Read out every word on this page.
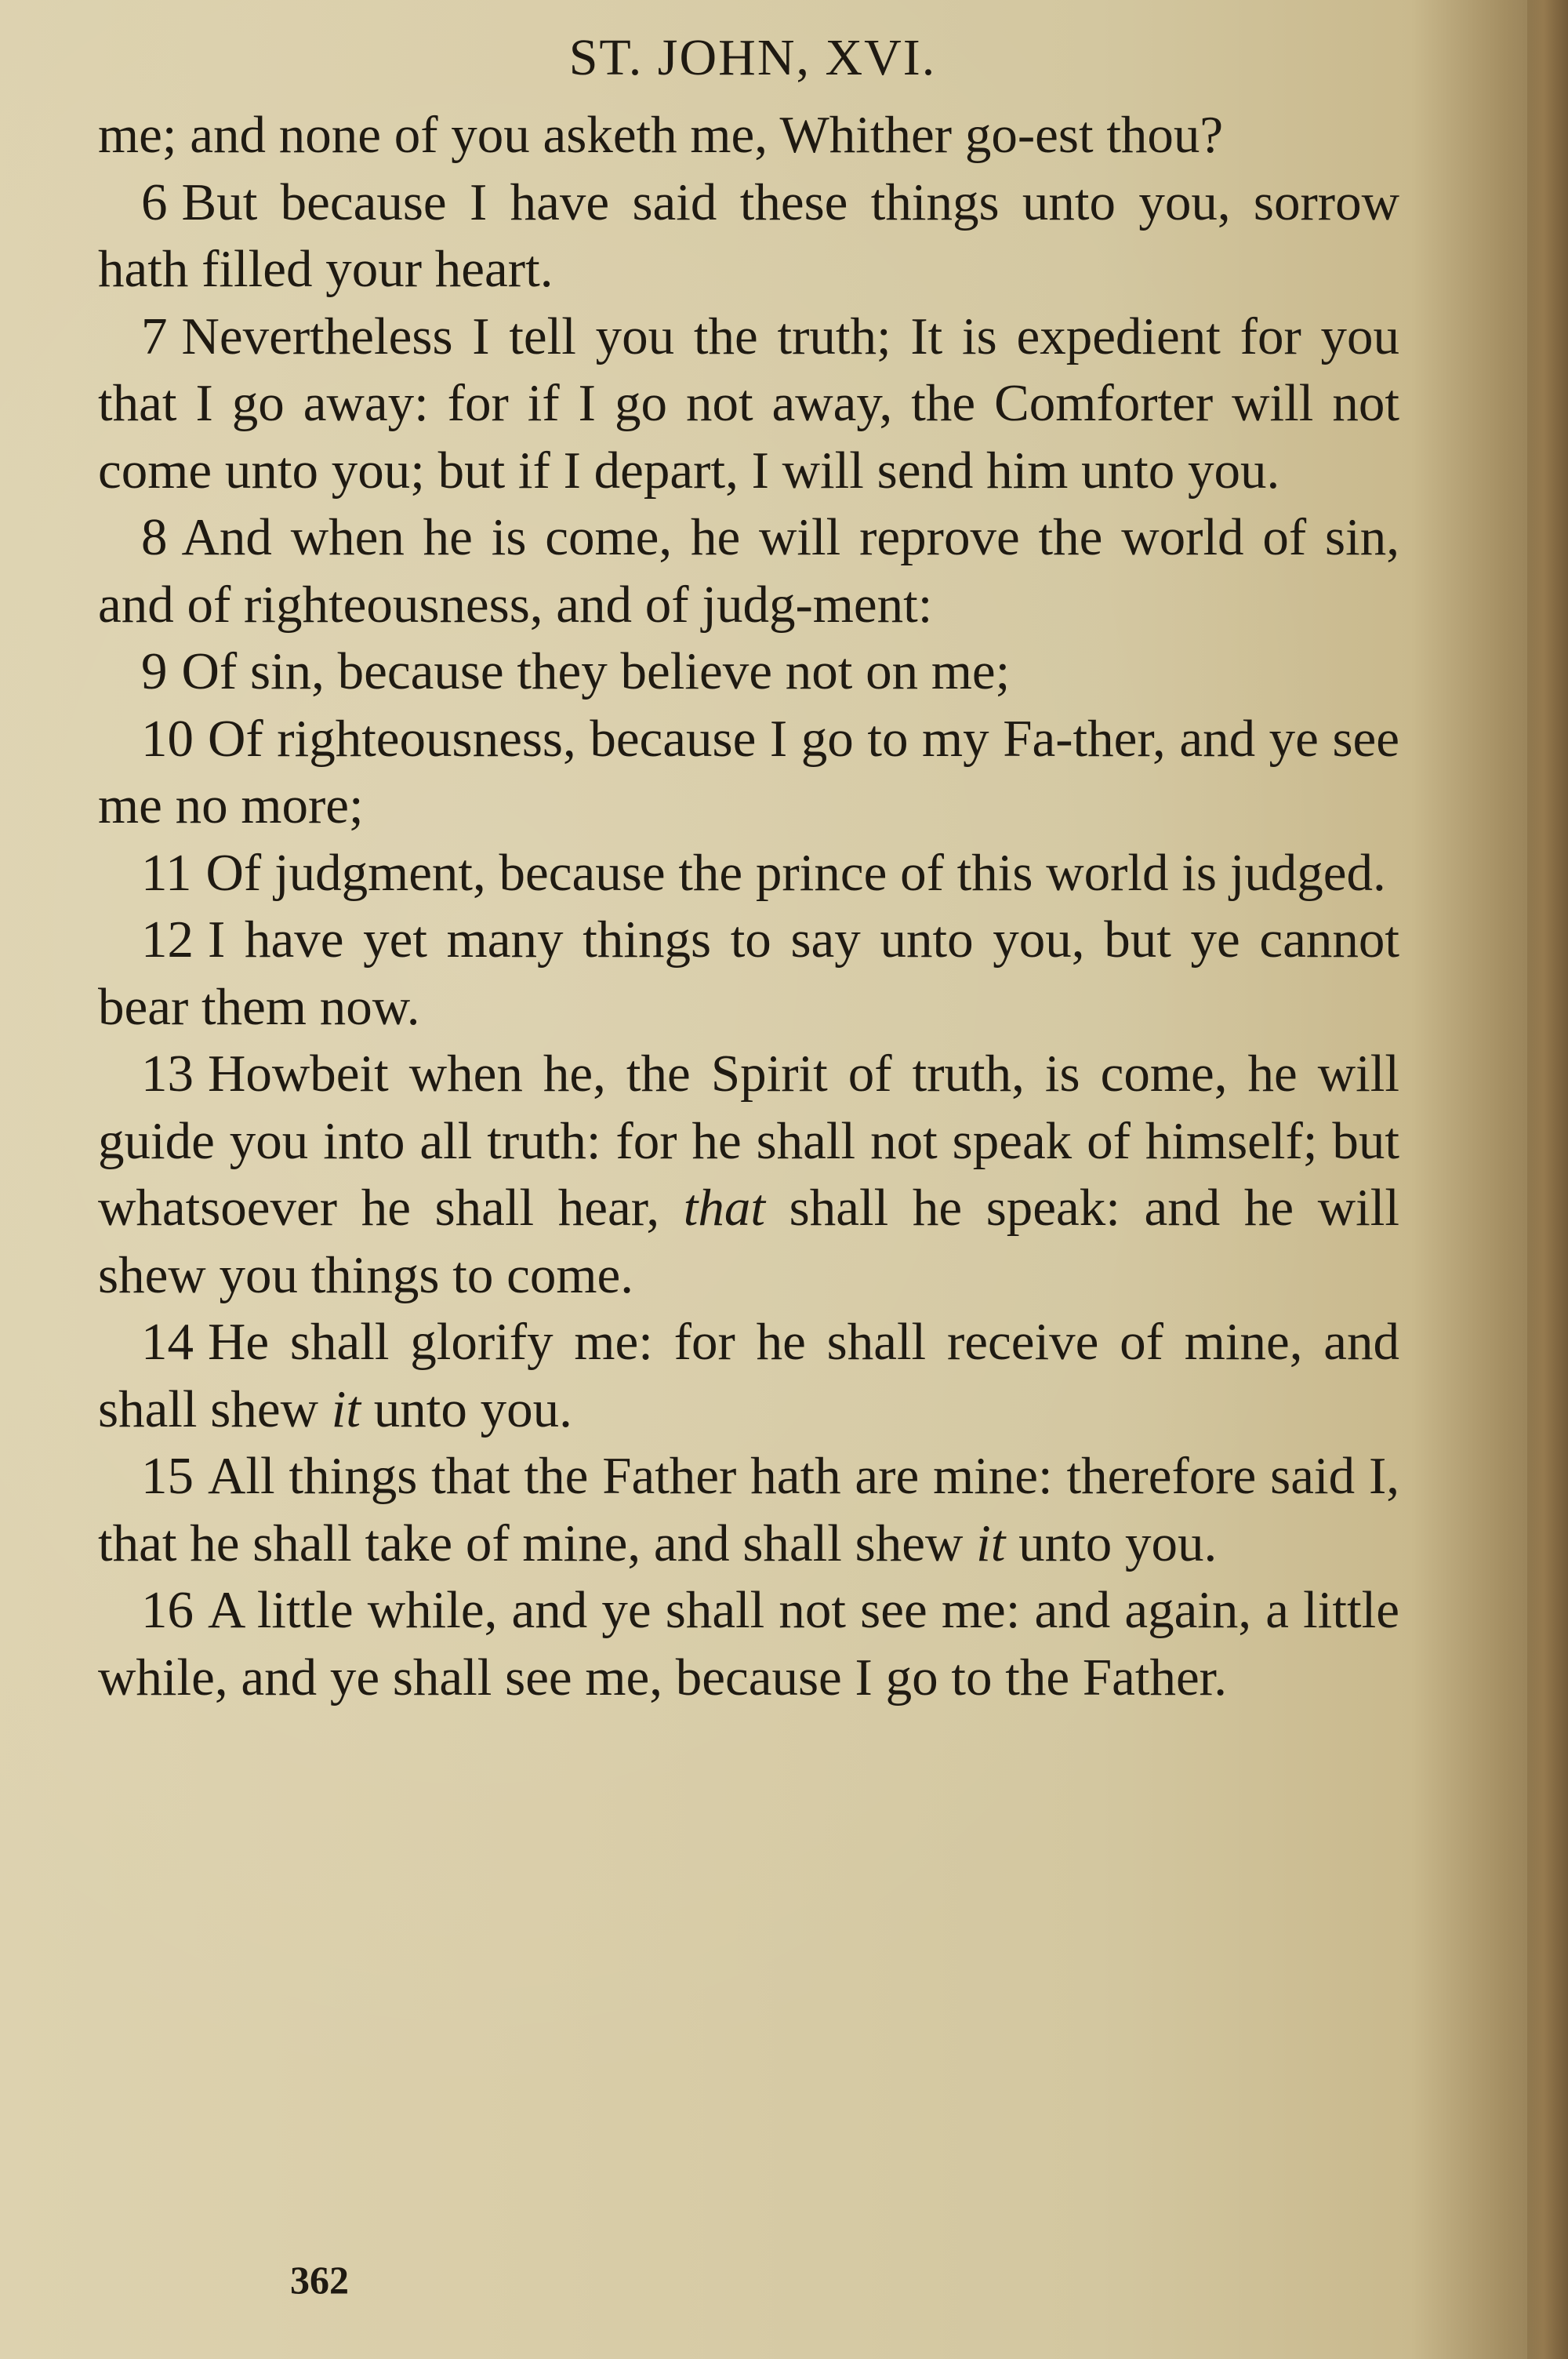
ST. JOHN, XVI.
me; and none of you asketh me, Whither go-est thou?
6 But because I have said these things unto you, sorrow hath filled your heart.
7 Nevertheless I tell you the truth; It is expedient for you that I go away: for if I go not away, the Comforter will not come unto you; but if I depart, I will send him unto you.
8 And when he is come, he will reprove the world of sin, and of righteousness, and of judg-ment:
9 Of sin, because they believe not on me;
10 Of righteousness, because I go to my Fa-ther, and ye see me no more;
11 Of judgment, because the prince of this world is judged.
12 I have yet many things to say unto you, but ye cannot bear them now.
13 Howbeit when he, the Spirit of truth, is come, he will guide you into all truth: for he shall not speak of himself; but whatsoever he shall hear, that shall he speak: and he will shew you things to come.
14 He shall glorify me: for he shall receive of mine, and shall shew it unto you.
15 All things that the Father hath are mine: therefore said I, that he shall take of mine, and shall shew it unto you.
16 A little while, and ye shall not see me: and again, a little while, and ye shall see me, because I go to the Father.
362
